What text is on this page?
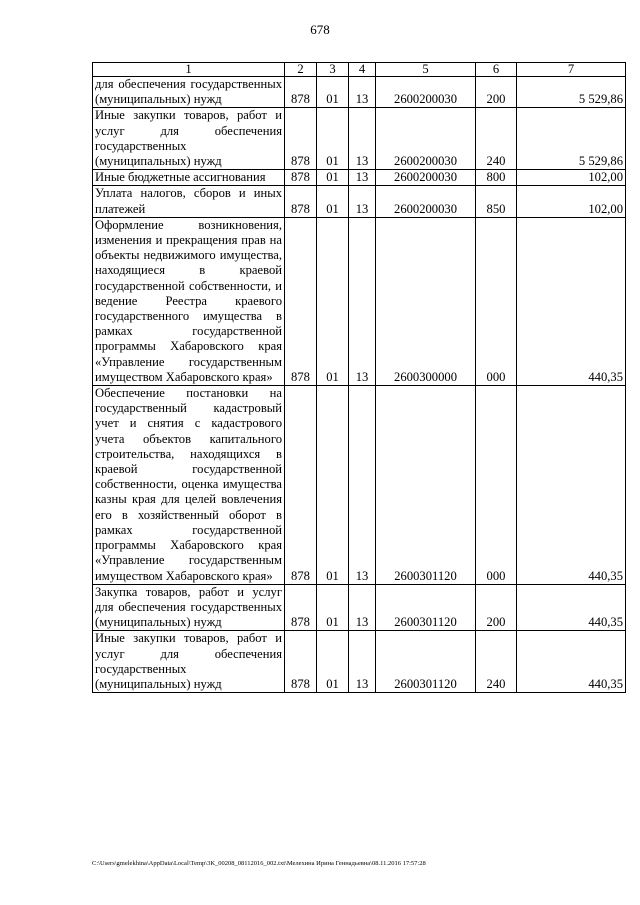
678
1	2	3	4	5	6	7
для обеспечения государственных (муниципальных) нужд	878	01	13	2600200030	200	5 529,86
Иные закупки товаров, работ и услуг для обеспечения государственных (муниципальных) нужд	878	01	13	2600200030	240	5 529,86
Иные бюджетные ассигнования	878	01	13	2600200030	800	102,00
Уплата налогов, сборов и иных платежей	878	01	13	2600200030	850	102,00
Оформление возникновения, изменения и прекращения прав на объекты недвижимого имущества, находящиеся в краевой государственной собственности, и ведение Реестра краевого государственного имущества в рамках государственной программы Хабаровского края «Управление государственным имуществом Хабаровского края»	878	01	13	2600300000	000	440,35
Обеспечение постановки на государственный кадастровый учет и снятия с кадастрового учета объектов капитального строительства, находящихся в краевой государственной собственности, оценка имущества казны края для целей вовлечения его в хозяйственный оборот в рамках государственной программы Хабаровского края «Управление государственным имуществом Хабаровского края»	878	01	13	2600301120	000	440,35
Закупка товаров, работ и услуг для обеспечения государственных (муниципальных) нужд	878	01	13	2600301120	200	440,35
Иные закупки товаров, работ и услуг для обеспечения государственных (муниципальных) нужд	878	01	13	2600301120	240	440,35
C:\Users\gmelekhina\AppData\Local\Temp\3K_00208_08112016_002.txt\Мелехина Ирина Геннадьевна\08.11.2016 17:57:28
